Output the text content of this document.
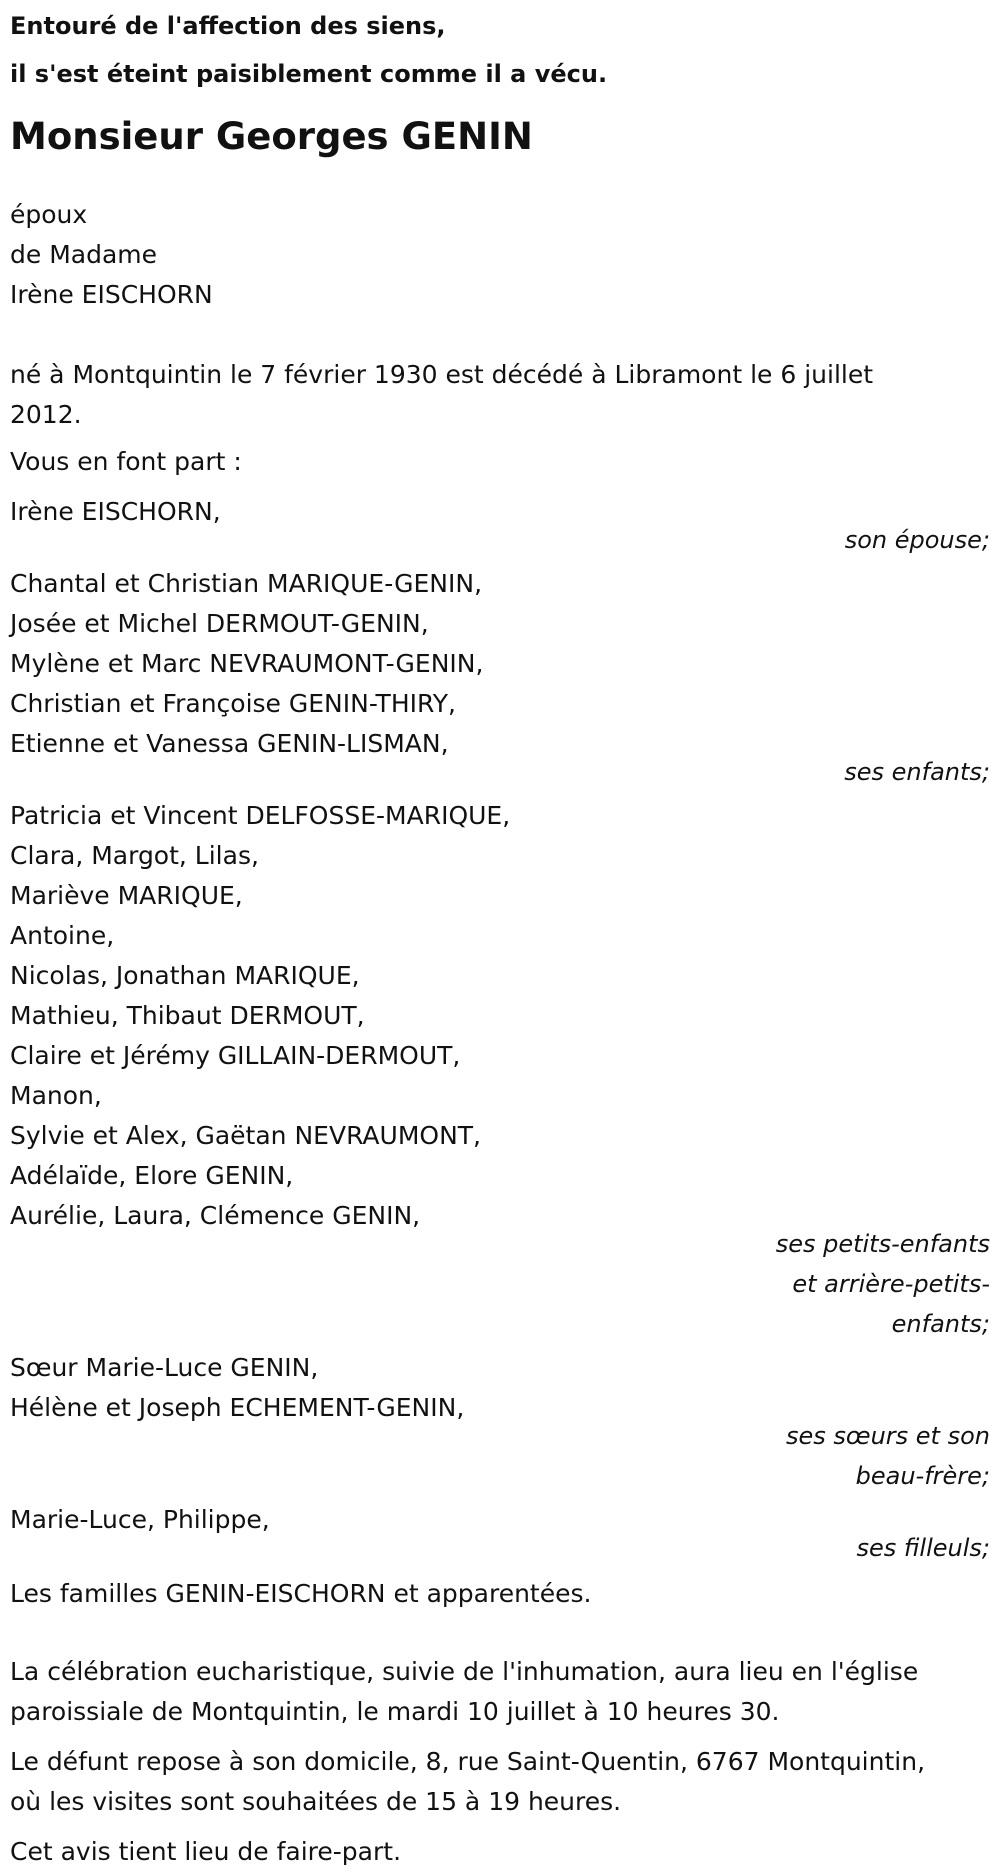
Entouré de l'affection des siens,
il s'est éteint paisiblement comme il a vécu.
Monsieur Georges GENIN
époux
de Madame
Irène EISCHORN
né à Montquintin le 7 février 1930 est décédé à Libramont le 6 juillet
2012.
Vous en font part :
Irène EISCHORN,
son épouse;
Chantal et Christian MARIQUE-GENIN,
Josée et Michel DERMOUT-GENIN,
Mylène et Marc NEVRAUMONT-GENIN,
Christian et Françoise GENIN-THIRY,
Etienne et Vanessa GENIN-LISMAN,
ses enfants;
Patricia et Vincent DELFOSSE-MARIQUE,
Clara, Margot, Lilas,
Mariève MARIQUE,
Antoine,
Nicolas, Jonathan MARIQUE,
Mathieu, Thibaut DERMOUT,
Claire et Jérémy GILLAIN-DERMOUT,
Manon,
Sylvie et Alex, Gaëtan NEVRAUMONT,
Adélaïde, Elore GENIN,
Aurélie, Laura, Clémence GENIN,
ses petits-enfants
et arrière-petits-
enfants;
Sœur Marie-Luce GENIN,
Hélène et Joseph ECHEMENT-GENIN,
ses sœurs et son
beau-frère;
Marie-Luce, Philippe,
ses filleuls;
Les familles GENIN-EISCHORN et apparentées.
La célébration eucharistique, suivie de l'inhumation, aura lieu en l'église
paroissiale de Montquintin, le mardi 10 juillet à 10 heures 30.
Le défunt repose à son domicile, 8, rue Saint-Quentin, 6767 Montquintin,
où les visites sont souhaitées de 15 à 19 heures.
Cet avis tient lieu de faire-part.
